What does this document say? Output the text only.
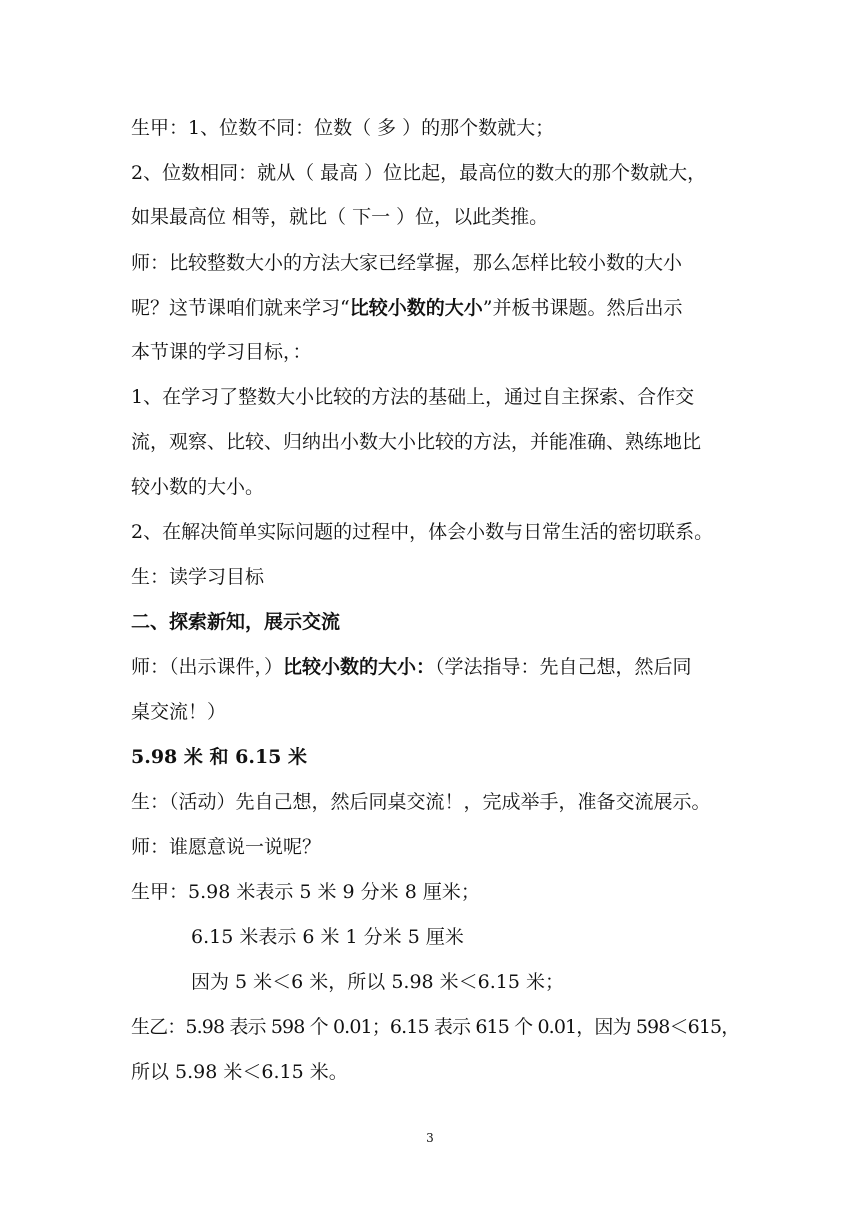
生甲：1、位数不同：位数（ 多 ）的那个数就大；
2、位数相同：就从（ 最高 ）位比起，最高位的数大的那个数就大，
如果最高位 相等，就比（ 下一 ）位，以此类推。
师：比较整数大小的方法大家已经掌握，那么怎样比较小数的大小
呢？这节课咱们就来学习“比较小数的大小”并板书课题。然后出示
本节课的学习目标，：
1、在学习了整数大小比较的方法的基础上，通过自主探索、合作交
流，观察、比较、归纳出小数大小比较的方法，并能准确、熟练地比
较小数的大小。
2、在解决简单实际问题的过程中，体会小数与日常生活的密切联系。
生：读学习目标
二、探索新知，展示交流
师：（出示课件，）比较小数的大小：（学法指导：先自己想，然后同
桌交流！）
5.98 米 和 6.15 米
生：（活动）先自己想，然后同桌交流！，完成举手，准备交流展示。
师：谁愿意说一说呢？
生甲：5.98 米表示 5 米 9 分米 8 厘米；
6.15 米表示 6 米 1 分米 5 厘米
因为 5 米＜6 米，所以 5.98 米＜6.15 米；
生乙：5.98 表示 598 个 0.01；6.15 表示 615 个 0.01，因为 598＜615，
所以 5.98 米＜6.15 米。
3
